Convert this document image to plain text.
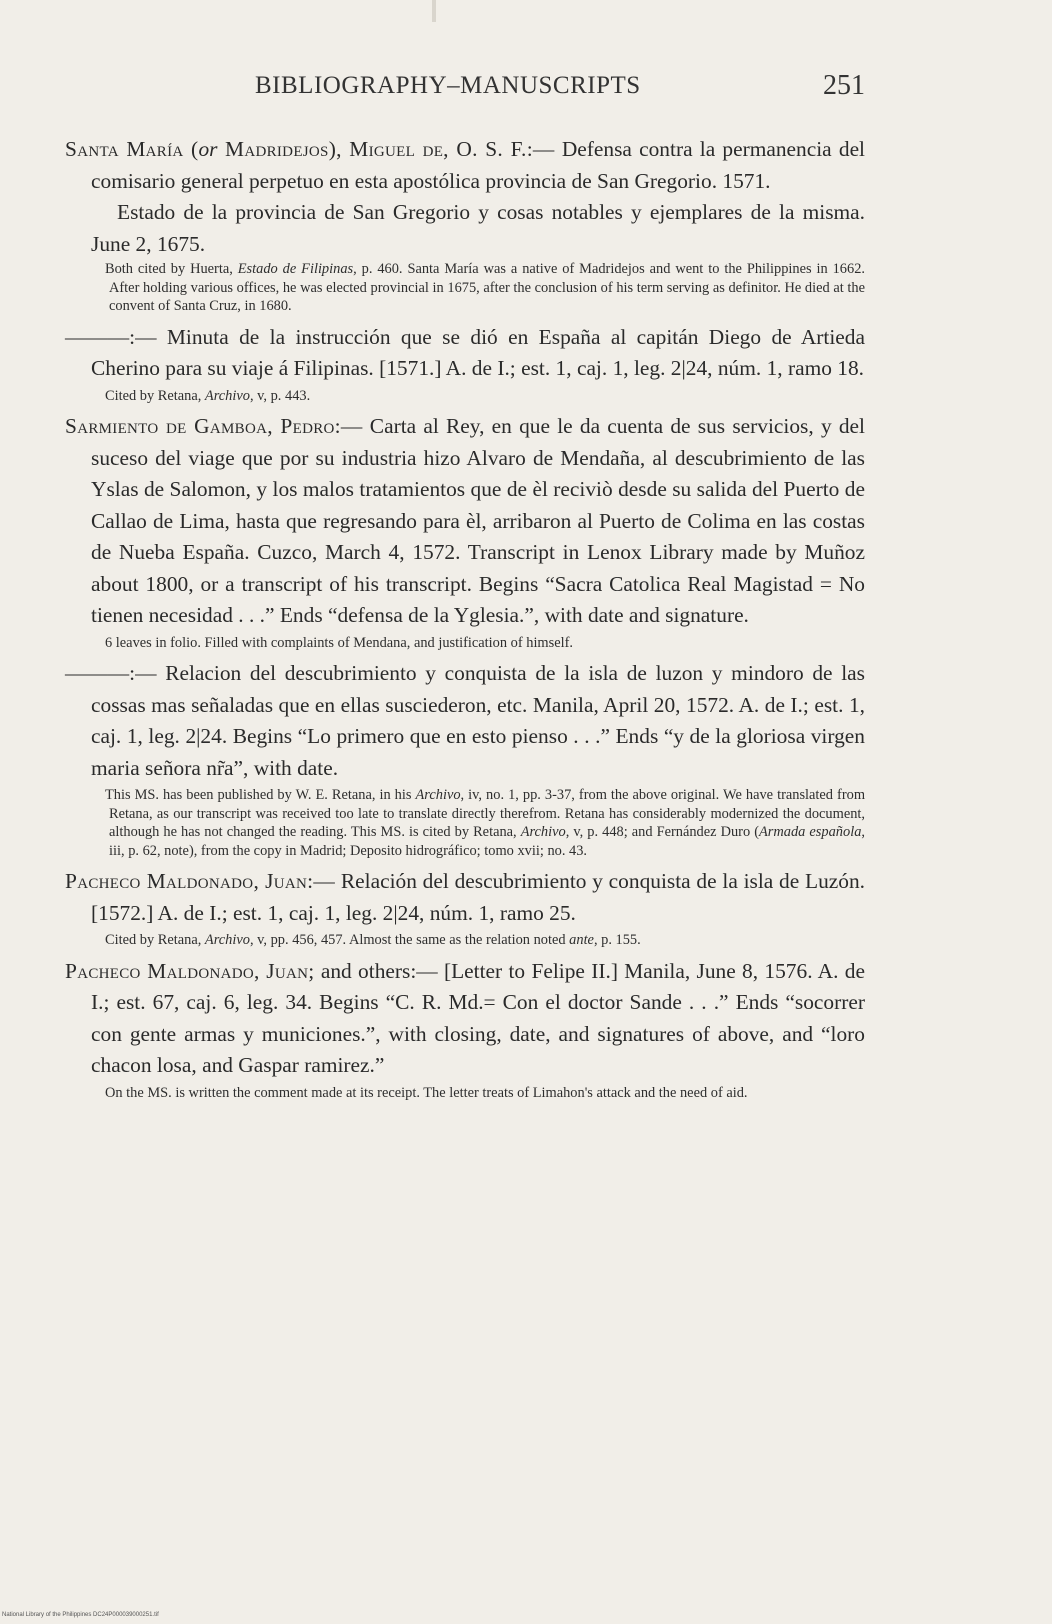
BIBLIOGRAPHY–MANUSCRIPTS	251

Santa María (or Madridejos), Miguel de, O. S. F.:— Defensa contra la permanencia del comisario general perpetuo en esta apostólica provincia de San Gregorio. 1571.

Estado de la provincia de San Gregorio y cosas notables y ejemplares de la misma. June 2, 1675.

Both cited by Huerta, Estado de Filipinas, p. 460. Santa María was a native of Madridejos and went to the Philippines in 1662. After holding various offices, he was elected provincial in 1675, after the conclusion of his term serving as definitor. He died at the convent of Santa Cruz, in 1680.

———:— Minuta de la instrucción que se dió en España al capitán Diego de Artieda Cherino para su viaje á Filipinas. [1571.] A. de I.; est. 1, caj. 1, leg. 2|24, núm. 1, ramo 18.

Cited by Retana, Archivo, v, p. 443.

Sarmiento de Gamboa, Pedro:— Carta al Rey, en que le da cuenta de sus servicios, y del suceso del viage que por su industria hizo Alvaro de Mendaña, al descubrimiento de las Yslas de Salomon, y los malos tratamientos que de èl reciviò desde su salida del Puerto de Callao de Lima, hasta que regresando para èl, arribaron al Puerto de Colima en las costas de Nueba España. Cuzco, March 4, 1572. Transcript in Lenox Library made by Muñoz about 1800, or a transcript of his transcript. Begins “Sacra Catolica Real Magistad = No tienen necesidad . . .” Ends “defensa de la Yglesia.”, with date and signature.

6 leaves in folio. Filled with complaints of Mendana, and justification of himself.

———:— Relacion del descubrimiento y conquista de la isla de luzon y mindoro de las cossas mas señaladas que en ellas susciederon, etc. Manila, April 20, 1572. A. de I.; est. 1, caj. 1, leg. 2|24. Begins “Lo primero que en esto pienso . . .” Ends “y de la gloriosa virgen maria señora nr̃a”, with date.

This MS. has been published by W. E. Retana, in his Archivo, iv, no. 1, pp. 3-37, from the above original. We have translated from Retana, as our transcript was received too late to translate directly therefrom. Retana has considerably modernized the document, although he has not changed the reading. This MS. is cited by Retana, Archivo, v, p. 448; and Fernández Duro (Armada española, iii, p. 62, note), from the copy in Madrid; Deposito hidrográfico; tomo xvii; no. 43.

Pacheco Maldonado, Juan:— Relación del descubrimiento y conquista de la isla de Luzón. [1572.] A. de I.; est. 1, caj. 1, leg. 2|24, núm. 1, ramo 25.

Cited by Retana, Archivo, v, pp. 456, 457. Almost the same as the relation noted ante, p. 155.

Pacheco Maldonado, Juan; and others:— [Letter to Felipe II.] Manila, June 8, 1576. A. de I.; est. 67, caj. 6, leg. 34. Begins “C. R. Md.= Con el doctor Sande . . .” Ends “socorrer con gente armas y municiones.”, with closing, date, and signatures of above, and “loro chacon losa, and Gaspar ramirez.”

On the MS. is written the comment made at its receipt. The letter treats of Limahon's attack and the need of aid.

National Library of the Philippines DC24P000039000251.tif
